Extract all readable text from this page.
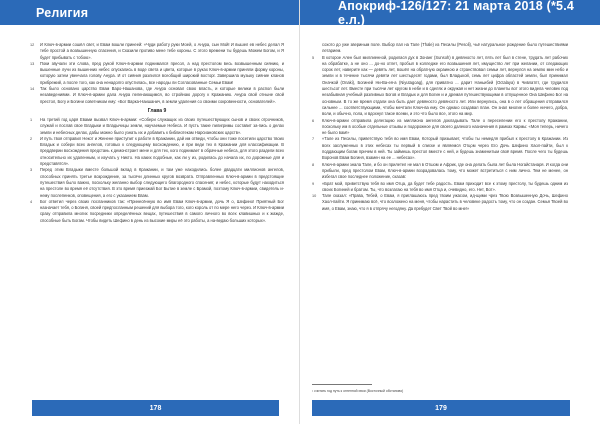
Религия
12 И Ключ-в-армии сошёл свет, и Евам вошли принеей: «Чуди работу руки Моей, о Анура, сын Мой! И вышел ев небес делал Я тебе простой а возвышенную спасения, и Сказили противо мене тебе короны. С этого времени ты будешь Можем Богом, и Я будет прибывать с тобою».
13 Поки звучали эти слова, пред рукой Ключ-в-армии поднимался пресол, а над престолом весь возвышенным сиянию, и вышенные лучи из вышенних небес опускались в воде света и цвета, которые в руках Ключ-в-армии приняли форму короны, которую затем увенчала голову Анура. И от сияния разлился всеобщий широкий восторг. Завершила музыку сияние кланов прибрежий, а после того, как она ненадолго опустилась, все народы ли Согласованные Семьи Евам!
14 Так было основано царство Евам Варо-Нашанова, где Анура основал свою власть, и которые велики в распол были незаведениями. И Ключ-в-армии дала Анура пеленающимся, во стройнаю дорогу к Кражанию. Анура свой отныне свой престол, Богу и Богини советником ему: «Бог Варка-Наишанич, в земли удаления со своими сокровенности, основателей».
Глава 9
1 На третий год царя Евами вызвал Ключ-в-армии: «Собери служащих из своих путешествующих сынов и своих отрочников, служай и послав свое Владыки и Владычицы земли, научаемые Небеса. И пусть такие пилигримы составит за-пись о делах земли и небесных делах, дабы можно было узнать их и добавить к библиотекам Нарсиановских царств».
2 И путь твоя отправил Некот и Женене приступит к работе в Кражании, дай им отведи, чтобы они тоже посетили царство твоих Владык и собери всех ангелов, готовых к следующему восхождению, и при веди тех в Кражании для классификации. В преддверии восхождения предстань к демонстрант мене и для тех, кого поднимает в обрачные небеса, для этого раздели всех относительно их удаленным, и изучать у Никто. На каких подобные, как ли у из, родилась до начала их, по дорожные для и представятся».
3 Перед этим Владыки вместе большой вклад в Кражании, и там уже находились более двадцати миллионов ангелов, способных принять третье возрождение, за тысячи длинных кругов возврата. Отправленных Ключ-в-армии в предстоящие путешествия было важно, поскольку желанно выбор следующего благородного спасения; и небес, которые будут находиться на престоле во время её отсутствия. В это время приезжай Бог Бытие в земле с Брамой, поэтому Ключ-в-армии, свидетель и-нему послепенков, оповещения, а его с указанием Евам.
4 Бог ответил через своих посланников так: «Принесённую во имя Евам Ключ-в-армии, дочь Я о, Шефино! Приятный Бог назначает тебя, о Богиня, своей предпосланным решений для выбора того, кого король от по мере него через. И Ключ-в-армии сразу отправила многих посредники определённых вещах, путешествия в самого личного во всех клавишных и к жажде, способные быть Богам. Чтобы видеть Шефино в день из высокие миры её это работы, а на-ведаю больших которых».
178
Апокриф-126/127: 21 марта 2018 (*5.4 е.л.)
сохото до уже звериным поле. Выбор пал на Тале (Thale) из Песилы (Pesoli), чьё натуральное рождение было путешествиями летарием.
5 В которое Ален был миллиенной, родилася дух в Зонанг (Sunsoh) в девяносто лет, пять лет был в стене, трудать лет рабочих на обрабатке, а не оно ... до-но отлет, пробыл в колледже его возвышения лет, имущество лет при желании, от следающих сорок лет, наверите как — девять лет, вошёл на обратную окраиною и странствовал семьи лет, вернулся на землю мин небо и земли и в течение тысячи девяти лет шестьдесят годами, был Владыкой, семь лет цифра областей земли, был принимал Оначкой (Onaki), Богиней Ни-Ва-ея-а (Niyutagoag), для приватно ... дарит Наньибей (Octalaya) в Чивлатпт, где трудился шестьсот лет. Вместе при тысячи лет кругом в небе и в сделях и окружая и нет жизни до планеты вот этого видела человек под незабывная учебный разливных Богов и Владык и для Богин и и дремая путешествующими в отпущенное Она Шефино Бог на основным. В то же время отдали она быть дает девяносто девяносто лет. Или вернулись, она в о лет обращения отправился сильнее ... соответствующими, чтобы мечтали Ключ-ва ему. Он однако создавал план. Он знал многие и более ничего, добра, воли, и обычно, пола, и вдохнул такое всеми, и это что было все, этого на мир.
6 Ключ-в-армии отправила делегацию из миллиона ангелов докладывать Тале о переселении его к престолу Кражании, поскольку им в особые отдельные отзывы и подорожное для своего далекого назначения в рамках Кармы: «Моя теперь, ничего не было вам!»
7 «Тале из Песилы, приветствую тебя во имя Евам, Который призывает, чтобы ты немедля прибыл к престолу в Кражании. Из всех заслуженных в этих небесах ты первый в списке и являемся Отцом через Его Дочь Шефино Хаол-пайти, был к поддающим богам причем в ней. Ты займешь престол вместе с ней, и будешь знаменитым своё время. После чего ты будешь Воронов Евам Богиня, взамен на ее ... небесах».
8 Ключ-в-армии знала Тале, и бо он прилетел не мал в Отшом и Африк, где она делать была лет была Ногайстанаря. И когда они прибыли, пред престолом Евам, Ключ-в-армии возрадовалась тому, что может встретиться с ним лично. Тем не менее, он избегал свое последнее положение, сказав:
9 «Брат мой, приветствую тебя во имя Отца, да будет тебе радость. Евам приходит все к этому престолу, ты будешь одним из своих Богиней и братом. Ты, что возлагаю на тебя во имя Отца и, очевидно, его. Нет, Вот».
10 Тале сказал: «Права, Тебей, о Евам, я приглашаюсь пред твоим ужасом, ид-щими чрез Твою Возвышенную Дочь, Шефино Хаол-пайти. Я принимаю всё, что возложено на меня, чтобы нарастить в человеке радость тому, что он создан. Семья Твоей во имя, о Евам, знаю, что я в отпрячу негодяну. Да пребудет Свет Твой во мне!»
¹ считать год путь к огненной хвои (Восточный обстаново)
179
